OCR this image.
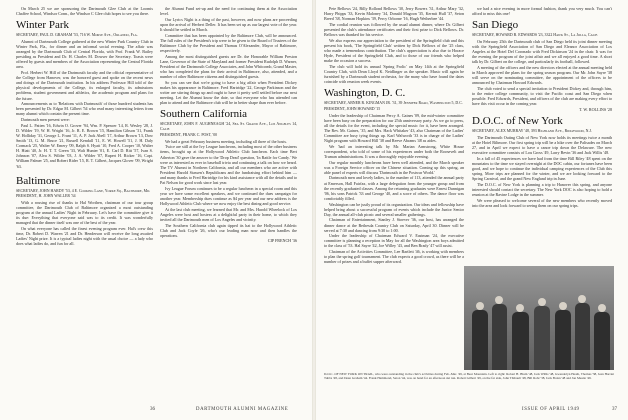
On March 25 we are sponsoring the Dartmouth Glee Club at the Loomis Chaffee School, Windsor Conn., the Windsor C Glee club hopes to see you there.

Winter Park

SECRETARY, PAUL D. GRAHAM '53, 716 W. Morse Ave., Orlando, Fla.

Alumni of Dartmouth College gathered at the new Winter Park Country Club in Winter Park, Fla., for dinner and an informal social evening. The affair was arranged by the Dartmouth Club of Central Florida, with Prof. Frank W. Bailey presiding as President and Dr. H. Charles M. Dowser the Secretary. Toasts were offered by guests and members of the Association representing the Central Florida area.

Prof. Herbert W. Hill of the Dartmouth faculty and the official representative of the College from Hanover, was the honored guest and spoke on the recent news and doings of the Dartmouth institution. In his address Professor Hill told of the physical developments of the College, its enlarged faculty, its admissions problems, student government and athletics, the academic program and plans for the future.

Announcements as to 'Relations with Dartmouth' of those hundred students has been presented by Dr. Edgar M. Gilbert '54 who read many interesting letters from many alumni which contain the present time.

Dartmouth men present were:

Paul L. Patten '16, Edwin O. Grover '94, Wm. P. Spencer '14, R. Wesley '28, J. D. Wilder '19, W. H. Wright '16, Jr. R. E. Brown '15, Hamilton Gibson '31, Frank W. Holliday '31, George L. Frunt '11, A. P. Jack Abell '17, Arthur Brown '13, Dow Smith '13, G. M. Bruce '21, Russell Kendall '11, E. W. Howell '51, J. H. Daly Cormack '25, Walter W. Emery '09, Ralph S. Hyatt '10, Fred A. Cooper '10, Walter H. Hiatt '40, Jr. H. T. T. Green '33, Walt Hunter '01, E. Carl D. Ritt '57, Ivan S. Johnson '07, Alva S. Wilder '03, J. A. Wilder '07, Rupert H. Ricker '16, Capt. William Palmer '25, and Robert Rider '15, R. T. Gilbert, Jacques Glover '09, Wright '63.

Baltimore

SECRETARY, JOHN HARDY '53, 4 E. Cooking Lane, Yorke Sq., Baltimore, Md.

PRESIDENT, H. JOHN WALLER '34

With a rousing rise of thanks to Hal Worthen, chairman of our tour group committee, the Dartmouth Club of Baltimore organized a most outstanding program at the annual Ladies' Night in February. Let's have the committee give it its due: Everything that everyone said was to its credit. It was wonderfully managed that the dinner itself was one of the best of the year.

On what everyone has called the finest evening program ever. Hal's crew this time, Dr. Robert D. Warren '21 and Dr. Henderson will receive the long awaited Ladies' Night prize. It is a typical ladies night with the usual choice — a lady who does what ladies do, and fun for all.

the Alumni Fund set-up and the need for continuing them at the Association level.

Our Lyrics Night is a thing of the past, however, and now plans are proceeding upon the arrival of Herbert Deller. It has been set up as our largest vote of the year. It should be settled in March.

Committee that has been appointed by the Baltimore Club, will be announced. The full rules of the President's trip were to be given to the Board of Trustees of the Baltimore Club by the President and Thomas O'Alexander, Mayor of Baltimore, respectively.

Among the most distinguished guests are Dr. the Honorable William Preston Lane, Governor of the State of Maryland and former President Rudolph D. Warner, President of the Dartmouth College Associates, and John Whitcomb, Grand Master, who has completed the plans for their arrival in Baltimore, also, attended, and a number of other Baltimore citizens and distinguished guests.

So you can see that we're going to have a big affair when President Dickey makes his appearance in Baltimore. Fred Hartridge '22, George Parkinson and the writer are stirring things up and ought to have it pretty well settled before our next meeting. Let the Alumni know the date, so that everyone who has attended can plan to attend and the Baltimore club will be in better shape than ever before.

Southern California

SECRETARY, JOHN F. AUGHNEAGH '24, Sea St. Grand Ave., Los Angeles 14, Calif.

PRESIDENT, FRANK C. POST, '00

We had a great February business meeting, including all three of the hosts.

Twice are still at the Ivy League luncheons, including most of the other business items, brought up at the Hollywood Athletic Club luncheon. Each time Bert Atherton '30 gave the answer to the 'Drop Dead' question, 'In Rattle for Candy.' We were as interested as ever in baseball trivia and continuing a talk on how we heard. The TV Alumni in Northern California, and all our members who are active with President Harold Stassen's Republicans and the fundraising effort behind him — and many thanks to Fred Hartridge for his kind assistance with all the details and to Pat Nelson for good work since last year.

Ivy League Forum continues to be a regular luncheon in a special room and this year we have some excellent speakers, and we continued the dues campaign for another year. Membership dues continue as $4 per year and our new address is the Hollywood Athletic Club where we now enjoy the best dining and good service.

At the last club meeting, we learned that Mr. and Mrs. Harold Wheelock of Los Angeles were host and hostess at a delightful party in their home, to which they invited all the Dartmouth men of Los Angeles and vicinity.

The Southern California club again tipped its hat to the Hollywood Athletic Club and Jack Coyle '26, who's our leading man now and then handles the operations.

CIP FRENCH '36

36	DARTMOUTH ALUMNI MAGAZINE

Pete Bellows '24, Billy Rollond Bellows '30, Jerry Bowers '31, Arthur Mary '32, Harry Phipps '33, Kevin Maloney '34, Donald Magoon '35, Kermit Hull '37, Seton Breed '38, Norman Hopkins '39, Percy Orborne '16, Hugh Wetherbee '44.

The cordial reunion was followed by the usual alumni dinner, where Dr. Gilbert presented the club's attendance certificates and their first prize to Dick Bellows. Dr. Bellows was thanked for his service.

We also express our appreciation to the president of the Springfield club and this present his book, 'The Springfield Club' written by Dick Bellows of the '25 class, who made a tremendous contribution. The club's appreciation is also due to Horace Hyde, President of the Springfield Club, and to those of our friends who helped make the occasion a success.

The club will hold its annual 'Spring Frolic' on May 14th at the Springfield Country Club, with Dean Lloyd K. Neidlinger as the speaker. Music will again be furnished by a Dartmouth student orchestra, for the many who have found the dates coincide with reunion week events.

Washington, D. C.

SECRETARY, ABNER R. KINGMAN JR. '31, 39 Jennifer Road, Washington 5, D.C.

PRESIDENT, JOHN HOWARD '15

Under the leadership of Chairman Percy A. Gaines '09, the mid-winter committee have been busy on the preparation for our 25th anniversary party. As we go to press, all the details for the event, including the special music for it, have been arranged. The Rev. Mr. Gaines, '35, and Mrs. Hack Whitaker '43, also Chairman of the Ladies' Committee are busy tying things up. Karl Walworth '33 is in charge of the Ladies' Night program with Howard Hill '38 and Reeve Abrams '48 as aides.

We 'had an interesting talk by Mr. Marian Armstrong, White House correspondent, who told of some of his experiences under both the Roosevelt and Truman administrations. It was a thoroughly enjoyable evening.

Our regular monthly luncheons have been well attended, and the March speaker was a Foreign Service officer on the Chinese situation. Coming up this spring, an able panel of experts will discuss 'Dartmouth in the Postwar World.'

Dartmouth men and lovely ladies, to the number of 113, attended the annual party at Emerson, Hall Fairfax, with a large delegation from the younger group and from the recently graduated classes. Among the returning graduates were Ernest Dunnigan '06, his sons Patrick '33 and George '40, and a score of others. The dance floor was comfortably filled.

Washington can be justly proud of its organization. Our ideas and fellowship have helped bring about a successful program of events which include the Junior Senior Day, the annual all-club picnic and several smaller gatherings.

Chairman of Entertainment, Stanley J. Stoever '36, our host, has arranged the dinner dance at the Bethesda Country Club on Saturday, April 30. Dinner will be served at 7:30 and dancing from 9:30 to 1:00.

Under the leadership of Chairman Edward V. Eastman '24, the executive committee is planning a reception in May for all the Washington area boys admitted to the class of '53. Hal Sayre '42, Joe Willey '43, and Ben Brady '47 will assist.

Chairman of the Activities Committee, Lee Bartlett '46, is working with members to plan the spring golf tournament. The club expects a good crowd, as there will be a number of prizes and a buffet supper afterward.

we had a nice evening in more formal fashion, thank you very much. You can't afford to miss this one!

San Diego

SECRETARY, HOWARD B. EDWARDS '23, 3322 Hawk St., La Jolla, Calif.

On February 25th the Dartmouth club of San Diego held its joint dinner meeting with the Springfield Association of San Diego and Eleanor Association of Los Angeles at the Hotel Del Coronado with Fred Dickinson '24 in the chair. It was for the evening the program of the joint affair and we all enjoyed a good time. A short talk by Dr. Gilbert on the college, and particularly its football, followed.

A meeting of the officers and the new directors elected at the annual meeting held in March approved the plans for the spring season program. Our Mr. John Sayre '38 will serve on the nominating committee, the appointment of the officers to be announced by Chairman Howard Edwards.

The club voted to send a special invitation to President Dickey and, through him, to the entire college community, to visit the Pacific coast and San Diego when possible. Fred Edwards, President, and officers of the club are making every effort to have this visit occur in the coming year.

T. W. ROLLINS '28

D.O.C. of New York

SECRETARY, ALEX MURRAY '48, 393 Highland Ave., Ridgewood, N.J.

The Dartmouth Outing Club of New York now holds its meetings twice a month at the Hotel Biltmore. Our first spring trip will be a hike over the Palisades on March 27, and in April we expect to have a canoe trip down the Delaware. The new executive committee consists of Lou Gross '49, Larry Bevin '36 and Jack Willis '48.

In a fall of 45 experiences we have had from the time Bill Riley '48 spent on the mountains to the time we stayed overnight at the DOC cabin, our fortunes have been good, and we hope to continue the individual camping experiences of the Club this spring. More trips are planned for the winter, and we are looking forward to the Spring Carnival, and the grand New England trip in June.

The D.O.C. of New York is planning a trip to Hanover this spring, and anyone interested should contact the secretary. The New York DOC is also hoping to hold a reunion at the Ravine Lodge in the summer.

We were pleased to welcome several of the new members who recently moved into the area and look forward to seeing them on our spring trips.

D.O.C. OF NEW YORK ON TRAIL, who were outstanding in the club's activities during Feb.-Mar. '49, at Bear Mountain. Left to right: Robert H. Blum '48, Jack Willis '48, Gwendolyn Heath, Thomas '38, Jean Harriet Tubbs '48, and Dean Graham '44. Frank Hammond, Seton '44, was on hand for an afternoon ski run. Robert Gilbert '49, on the far side, John Thibault '48, Bill Rohr '38, Jack Bolan '48 and Jan Meade '49.
37
ISSUE OF APRIL 1949
